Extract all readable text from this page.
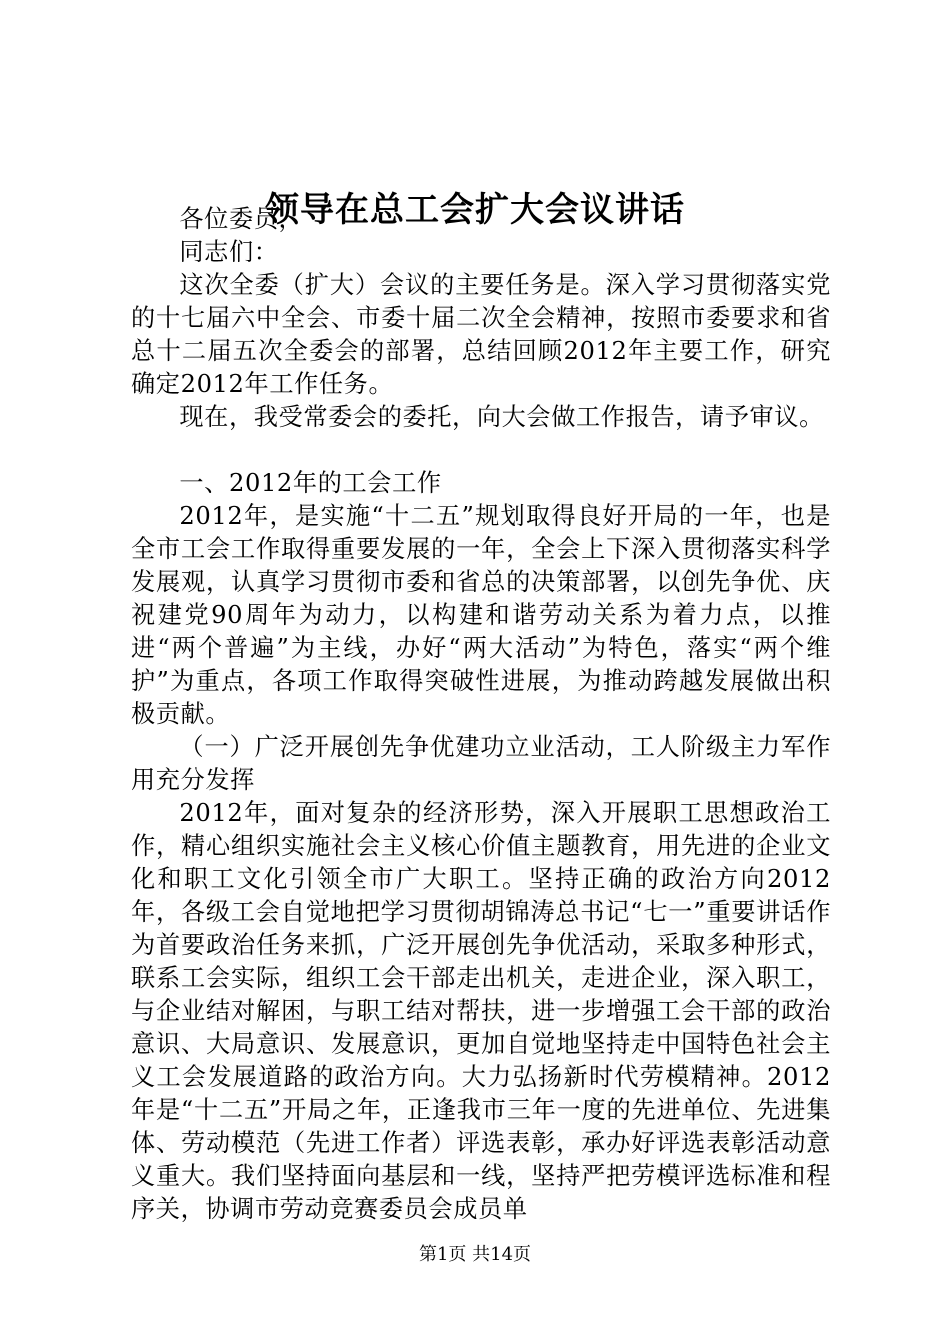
领导在总工会扩大会议讲话

各位委员，

同志们：

这次全委（扩大）会议的主要任务是。深入学习贯彻落实党的十七届六中全会、市委十届二次全会精神，按照市委要求和省总十二届五次全委会的部署，总结回顾2012年主要工作，研究确定2012年工作任务。

现在，我受常委会的委托，向大会做工作报告，请予审议。

一、2012年的工会工作

2012年，是实施“十二五”规划取得良好开局的一年，也是全市工会工作取得重要发展的一年，全会上下深入贯彻落实科学发展观，认真学习贯彻市委和省总的决策部署，以创先争优、庆祝建党90周年为动力，以构建和谐劳动关系为着力点，以推进“两个普遍”为主线，办好“两大活动”为特色，落实“两个维护”为重点，各项工作取得突破性进展，为推动跨越发展做出积极贡献。

（一）广泛开展创先争优建功立业活动，工人阶级主力军作用充分发挥

2012年，面对复杂的经济形势，深入开展职工思想政治工作，精心组织实施社会主义核心价值主题教育，用先进的企业文化和职工文化引领全市广大职工。坚持正确的政治方向2012年，各级工会自觉地把学习贯彻胡锦涛总书记“七一”重要讲话作为首要政治任务来抓，广泛开展创先争优活动，采取多种形式，联系工会实际，组织工会干部走出机关，走进企业，深入职工，与企业结对解困，与职工结对帮扶，进一步增强工会干部的政治意识、大局意识、发展意识，更加自觉地坚持走中国特色社会主义工会发展道路的政治方向。大力弘扬新时代劳模精神。2012年是“十二五”开局之年，正逢我市三年一度的先进单位、先进集体、劳动模范（先进工作者）评选表彰，承办好评选表彰活动意义重大。我们坚持面向基层和一线，坚持严把劳模评选标准和程序关，协调市劳动竞赛委员会成员单

第1页 共14页
